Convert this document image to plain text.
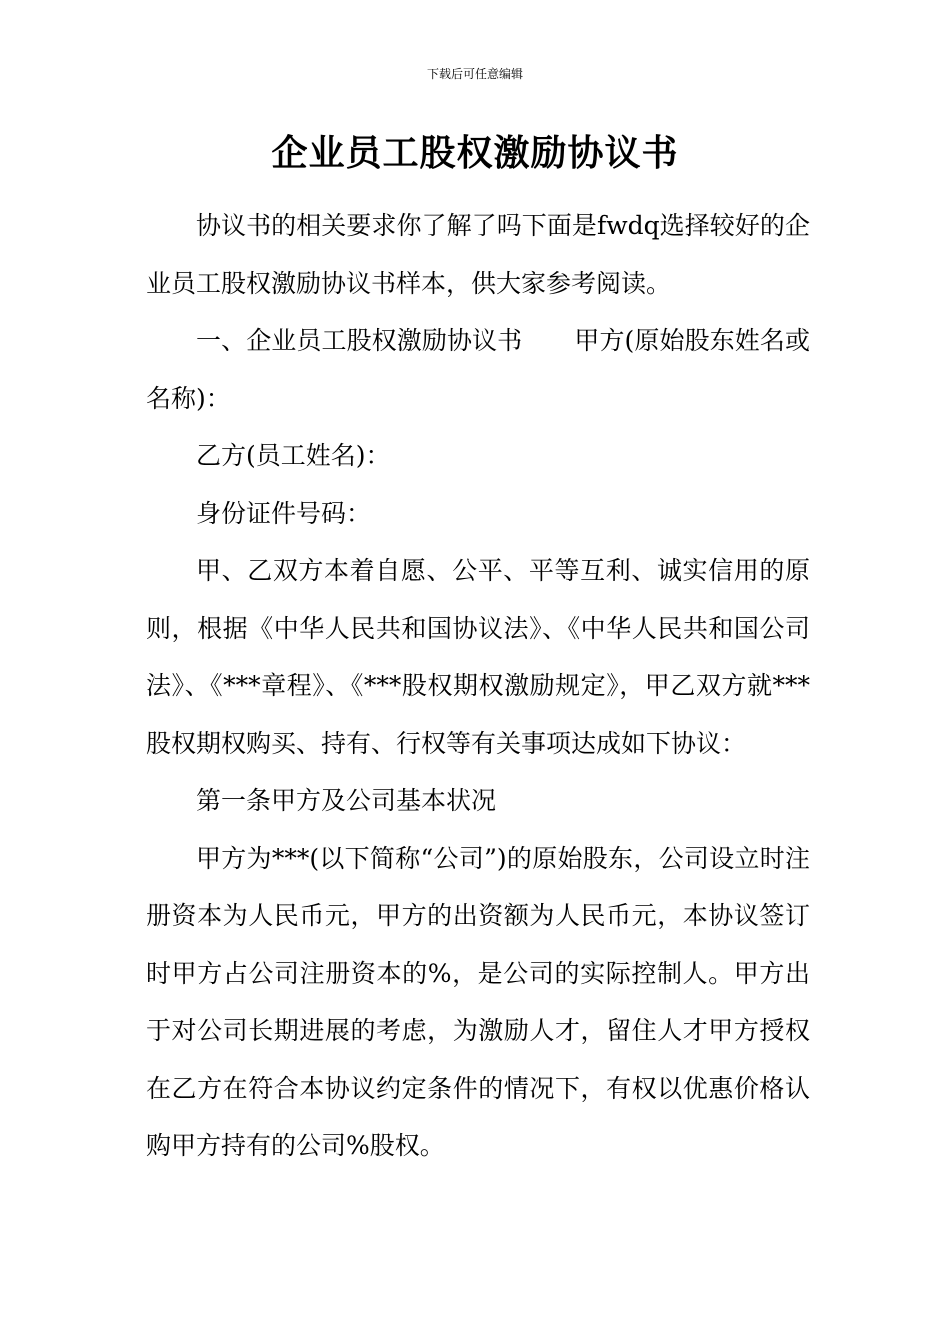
下载后可任意编辑
企业员工股权激励协议书

协议书的相关要求你了解了吗下面是fwdq选择较好的企业员工股权激励协议书样本，供大家参考阅读。

一、企业员工股权激励协议书 甲方(原始股东姓名或名称)：

乙方(员工姓名)：

身份证件号码：

甲、乙双方本着自愿、公平、平等互利、诚实信用的原则，根据《中华人民共和国协议法》、《中华人民共和国公司法》、《***章程》、《***股权期权激励规定》，甲乙双方就***股权期权购买、持有、行权等有关事项达成如下协议：

第一条甲方及公司基本状况

甲方为***(以下简称“公司”)的原始股东，公司设立时注册资本为人民币元，甲方的出资额为人民币元，本协议签订时甲方占公司注册资本的%，是公司的实际控制人。甲方出于对公司长期进展的考虑，为激励人才，留住人才甲方授权在乙方在符合本协议约定条件的情况下，有权以优惠价格认购甲方持有的公司%股权。
